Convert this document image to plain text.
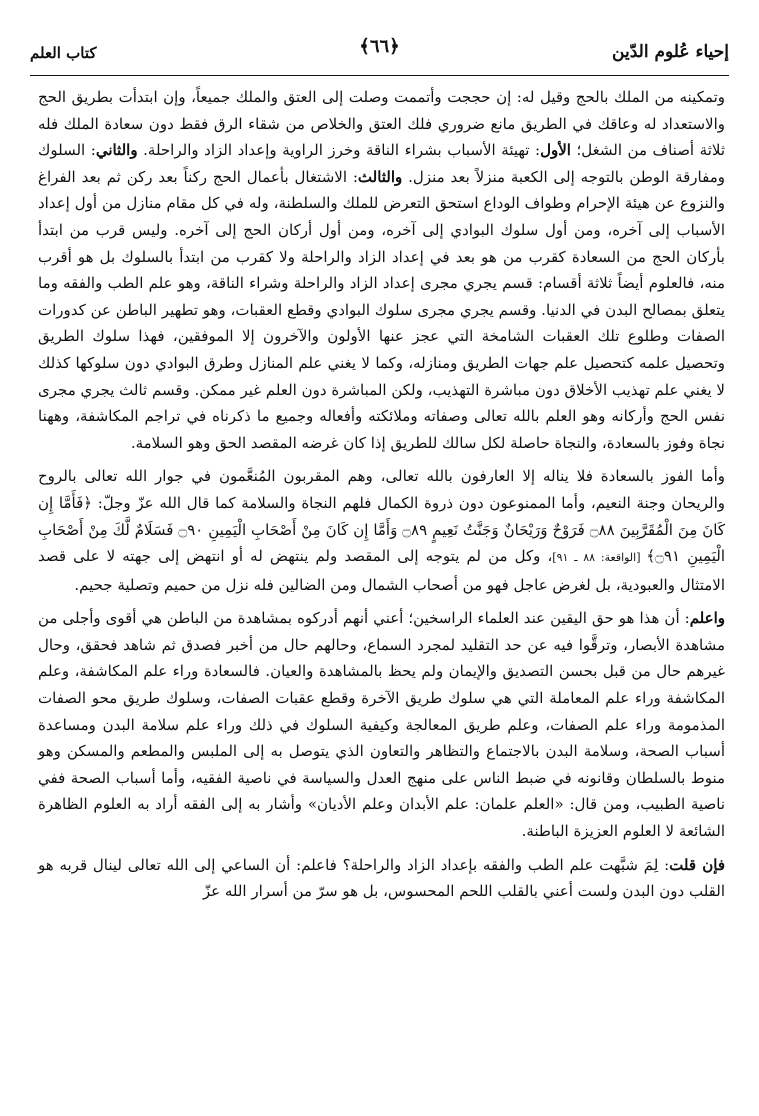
إحياء عُلوم الدّين
﴿٦٦﴾
كتاب العلم

وتمكينه من الملك بالحج وقيل له: إن حججت وأتممت وصلت إلى العتق والملك جميعاً، وإن ابتدأت بطريق الحج والاستعداد له وعاقك في الطريق مانع ضروري فلك العتق والخلاص من شقاء الرق فقط دون سعادة الملك فله ثلاثة أصناف من الشغل؛ الأول: تهيئة الأسباب بشراء الناقة وخرز الراوية وإعداد الزاد والراحلة. والثاني: السلوك ومفارقة الوطن بالتوجه إلى الكعبة منزلاً بعد منزل. والثالث: الاشتغال بأعمال الحج ركناً بعد ركن ثم بعد الفراغ والنزوع عن هيئة الإحرام وطواف الوداع استحق التعرض للملك والسلطنة، وله في كل مقام منازل من أول إعداد الأسباب إلى آخره، ومن أول سلوك البوادي إلى آخره، ومن أول أركان الحج إلى آخره. وليس قرب من ابتدأ بأركان الحج من السعادة كقرب من هو بعد في إعداد الزاد والراحلة ولا كقرب من ابتدأ بالسلوك بل هو أقرب منه، فالعلوم أيضاً ثلاثة أقسام: قسم يجري مجرى إعداد الزاد والراحلة وشراء الناقة، وهو علم الطب والفقه وما يتعلق بمصالح البدن في الدنيا. وقسم يجري مجرى سلوك البوادي وقطع العقبات، وهو تطهير الباطن عن كدورات الصفات وطلوع تلك العقبات الشامخة التي عجز عنها الأولون والآخرون إلا الموفقين، فهذا سلوك الطريق وتحصيل علمه كتحصيل علم جهات الطريق ومنازله، وكما لا يغني علم المنازل وطرق البوادي دون سلوكها كذلك لا يغني علم تهذيب الأخلاق دون مباشرة التهذيب، ولكن المباشرة دون العلم غير ممكن. وقسم ثالث يجري مجرى نفس الحج وأركانه وهو العلم بالله تعالى وصفاته وملائكته وأفعاله وجميع ما ذكرناه في تراجم المكاشفة، وههنا نجاة وفوز بالسعادة، والنجاة حاصلة لكل سالك للطريق إذا كان غرضه المقصد الحق وهو السلامة.

وأما الفوز بالسعادة فلا يناله إلا العارفون بالله تعالى، وهم المقربون المُنعَّمون في جوار الله تعالى بالروح والريحان وجنة النعيم، وأما الممنوعون دون ذروة الكمال فلهم النجاة والسلامة كما قال الله عزّ وجلّ: ﴿فَأَمَّا إِن كَانَ مِنَ الْمُقَرَّبِينَ ۝٨٨ فَرَوْحٌ وَرَيْحَانٌ وَجَنَّتُ نَعِيمٍ ۝٨٩ وَأَمَّا إِن كَانَ مِنْ أَصْحَابِ الْيَمِينِ ۝٩٠ فَسَلَامٌ لَّكَ مِنْ أَصْحَابِ الْيَمِينِ ۝٩١﴾ [الواقعة: ٨٨ ـ ٩١]، وكل من لم يتوجه إلى المقصد ولم ينتهض له أو انتهض إلى جهته لا على قصد الامتثال والعبودية، بل لغرض عاجل فهو من أصحاب الشمال ومن الضالين فله نزل من حميم وتصلية جحيم.

واعلم: أن هذا هو حق اليقين عند العلماء الراسخين؛ أعني أنهم أدركوه بمشاهدة من الباطن هي أقوى وأجلى من مشاهدة الأبصار، وترقَّوا فيه عن حد التقليد لمجرد السماع، وحالهم حال من أخبر فصدق ثم شاهد فحقق، وحال غيرهم حال من قبل بحسن التصديق والإيمان ولم يحظ بالمشاهدة والعيان. فالسعادة وراء علم المكاشفة، وعلم المكاشفة وراء علم المعاملة التي هي سلوك طريق الآخرة وقطع عقبات الصفات، وسلوك طريق محو الصفات المذمومة وراء علم الصفات، وعلم طريق المعالجة وكيفية السلوك في ذلك وراء علم سلامة البدن ومساعدة أسباب الصحة، وسلامة البدن بالاجتماع والتظاهر والتعاون الذي يتوصل به إلى الملبس والمطعم والمسكن وهو منوط بالسلطان وقانونه في ضبط الناس على منهج العدل والسياسة في ناصية الفقيه، وأما أسباب الصحة ففي ناصية الطبيب، ومن قال: «العلم علمان: علم الأبدان وعلم الأديان» وأشار به إلى الفقه أراد به العلوم الظاهرة الشائعة لا العلوم العزيزة الباطنة.

فإن قلت: لِمَ شبَّهت علم الطب والفقه بإعداد الزاد والراحلة؟ فاعلم: أن الساعي إلى الله تعالى لينال قربه هو القلب دون البدن ولست أعني بالقلب اللحم المحسوس، بل هو سرّ من أسرار الله عزّ
